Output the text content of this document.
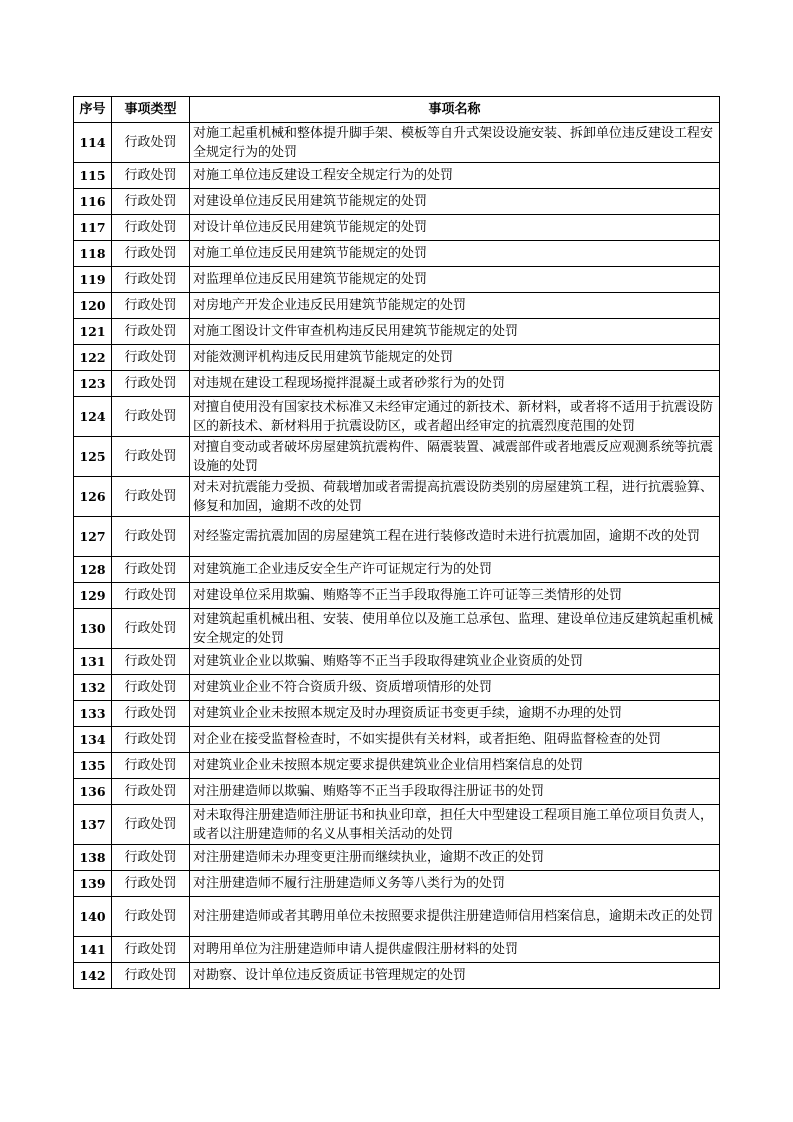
序号	事项类型	事项名称
114	行政处罚	对施工起重机械和整体提升脚手架、模板等自升式架设设施安装、拆卸单位违反建设工程安全规定行为的处罚
115	行政处罚	对施工单位违反建设工程安全规定行为的处罚
116	行政处罚	对建设单位违反民用建筑节能规定的处罚
117	行政处罚	对设计单位违反民用建筑节能规定的处罚
118	行政处罚	对施工单位违反民用建筑节能规定的处罚
119	行政处罚	对监理单位违反民用建筑节能规定的处罚
120	行政处罚	对房地产开发企业违反民用建筑节能规定的处罚
121	行政处罚	对施工图设计文件审查机构违反民用建筑节能规定的处罚
122	行政处罚	对能效测评机构违反民用建筑节能规定的处罚
123	行政处罚	对违规在建设工程现场搅拌混凝土或者砂浆行为的处罚
124	行政处罚	对擅自使用没有国家技术标准又未经审定通过的新技术、新材料，或者将不适用于抗震设防区的新技术、新材料用于抗震设防区，或者超出经审定的抗震烈度范围的处罚
125	行政处罚	对擅自变动或者破坏房屋建筑抗震构件、隔震装置、减震部件或者地震反应观测系统等抗震设施的处罚
126	行政处罚	对未对抗震能力受损、荷载增加或者需提高抗震设防类别的房屋建筑工程，进行抗震验算、修复和加固，逾期不改的处罚
127	行政处罚	对经鉴定需抗震加固的房屋建筑工程在进行装修改造时未进行抗震加固，逾期不改的处罚
128	行政处罚	对建筑施工企业违反安全生产许可证规定行为的处罚
129	行政处罚	对建设单位采用欺骗、贿赂等不正当手段取得施工许可证等三类情形的处罚
130	行政处罚	对建筑起重机械出租、安装、使用单位以及施工总承包、监理、建设单位违反建筑起重机械安全规定的处罚
131	行政处罚	对建筑业企业以欺骗、贿赂等不正当手段取得建筑业企业资质的处罚
132	行政处罚	对建筑业企业不符合资质升级、资质增项情形的处罚
133	行政处罚	对建筑业企业未按照本规定及时办理资质证书变更手续，逾期不办理的处罚
134	行政处罚	对企业在接受监督检查时，不如实提供有关材料，或者拒绝、阻碍监督检查的处罚
135	行政处罚	对建筑业企业未按照本规定要求提供建筑业企业信用档案信息的处罚
136	行政处罚	对注册建造师以欺骗、贿赂等不正当手段取得注册证书的处罚
137	行政处罚	对未取得注册建造师注册证书和执业印章，担任大中型建设工程项目施工单位项目负责人，或者以注册建造师的名义从事相关活动的处罚
138	行政处罚	对注册建造师未办理变更注册而继续执业，逾期不改正的处罚
139	行政处罚	对注册建造师不履行注册建造师义务等八类行为的处罚
140	行政处罚	对注册建造师或者其聘用单位未按照要求提供注册建造师信用档案信息，逾期未改正的处罚
141	行政处罚	对聘用单位为注册建造师申请人提供虚假注册材料的处罚
142	行政处罚	对勘察、设计单位违反资质证书管理规定的处罚
